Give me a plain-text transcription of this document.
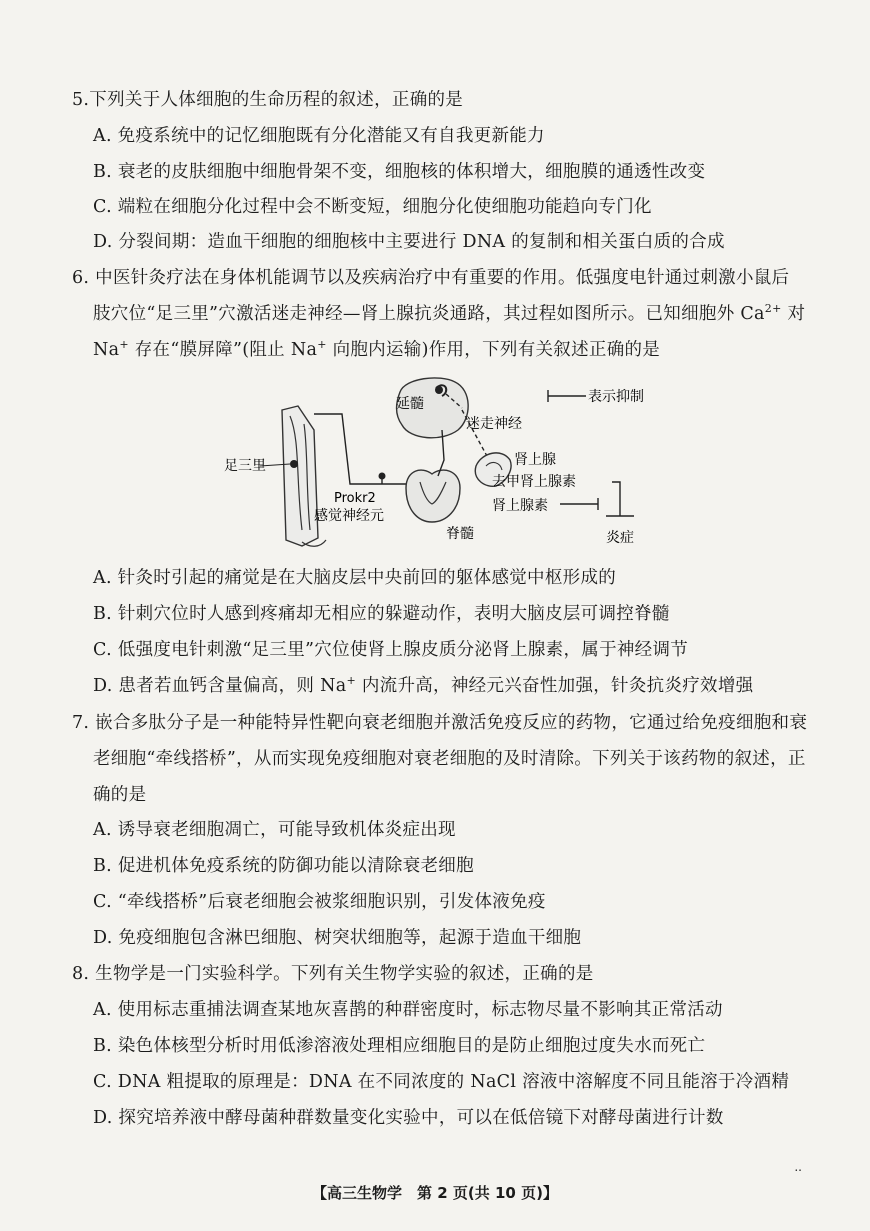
5.下列关于人体细胞的生命历程的叙述，正确的是
A. 免疫系统中的记忆细胞既有分化潜能又有自我更新能力
B. 衰老的皮肤细胞中细胞骨架不变，细胞核的体积增大，细胞膜的通透性改变
C. 端粒在细胞分化过程中会不断变短，细胞分化使细胞功能趋向专门化
D. 分裂间期：造血干细胞的细胞核中主要进行 DNA 的复制和相关蛋白质的合成
6. 中医针灸疗法在身体机能调节以及疾病治疗中有重要的作用。低强度电针通过刺激小鼠后
肢穴位“足三里”穴激活迷走神经—肾上腺抗炎通路，其过程如图所示。已知细胞外 $Ca^{2+}$ 对
Na+ 存在“膜屏障”(阻止 Na+ 向胞内运输)作用，下列有关叙述正确的是
表示抑制
延髓
迷走神经
足三里
Prokr2
感觉神经元
脊髓
肾上腺
去甲肾上腺素
肾上腺素
炎症
A. 针灸时引起的痛觉是在大脑皮层中央前回的躯体感觉中枢形成的
B. 针刺穴位时人感到疼痛却无相应的躲避动作，表明大脑皮层可调控脊髓
C. 低强度电针刺激“足三里”穴位使肾上腺皮质分泌肾上腺素，属于神经调节
D. 患者若血钙含量偏高，则 Na+ 内流升高，神经元兴奋性加强，针灸抗炎疗效增强
7. 嵌合多肽分子是一种能特异性靶向衰老细胞并激活免疫反应的药物，它通过给免疫细胞和衰
老细胞“牵线搭桥”，从而实现免疫细胞对衰老细胞的及时清除。下列关于该药物的叙述，正
确的是
A. 诱导衰老细胞凋亡，可能导致机体炎症出现
B. 促进机体免疫系统的防御功能以清除衰老细胞
C. “牵线搭桥”后衰老细胞会被浆细胞识别，引发体液免疫
D. 免疫细胞包含淋巴细胞、树突状细胞等，起源于造血干细胞
8. 生物学是一门实验科学。下列有关生物学实验的叙述，正确的是
A. 使用标志重捕法调查某地灰喜鹊的种群密度时，标志物尽量不影响其正常活动
B. 染色体核型分析时用低渗溶液处理相应细胞目的是防止细胞过度失水而死亡
C. DNA 粗提取的原理是：DNA 在不同浓度的 NaCl 溶液中溶解度不同且能溶于冷酒精
D. 探究培养液中酵母菌种群数量变化实验中，可以在低倍镜下对酵母菌进行计数
..
【高三生物学　第 2 页(共 10 页)】
